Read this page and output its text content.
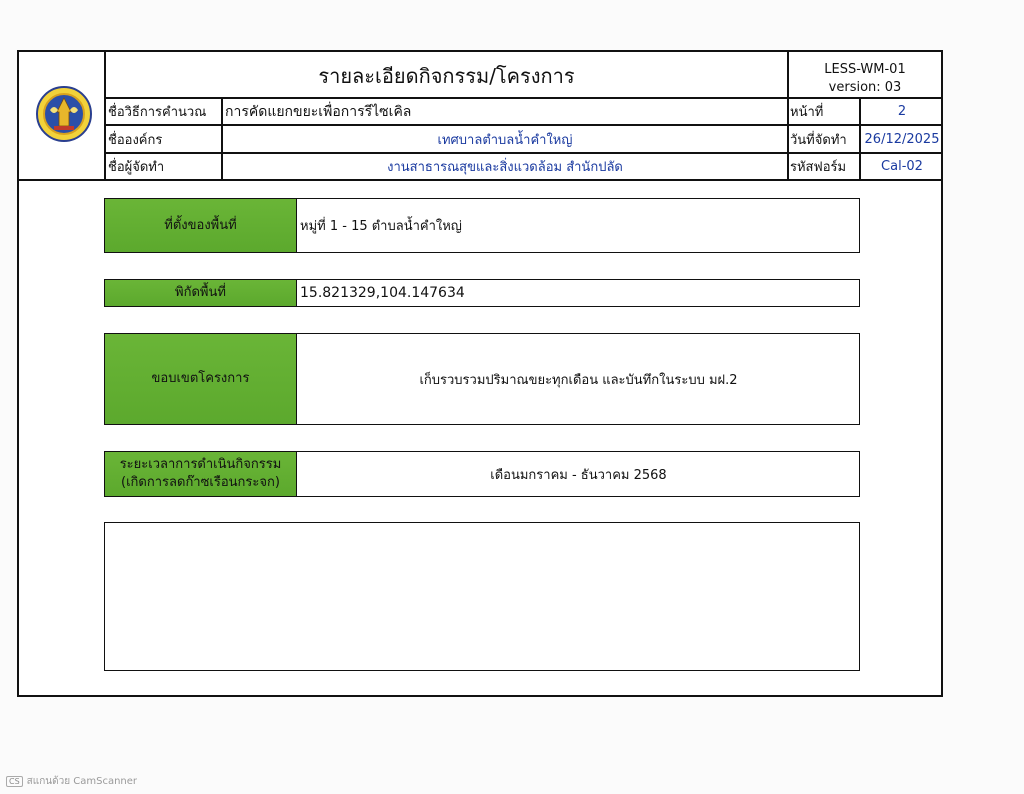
รายละเอียดกิจกรรม/โครงการ	LESS-WM-01
version: 03
ชื่อวิธีการคำนวณ	การคัดแยกขยะเพื่อการรีไซเคิล	หน้าที่	2
ชื่อองค์กร	เทศบาลตำบลน้ำคำใหญ่	วันที่จัดทำ	26/12/2025
ชื่อผู้จัดทำ	งานสาธารณสุขและสิ่งแวดล้อม สำนักปลัด	รหัสฟอร์ม	Cal-02
ที่ตั้งของพื้นที่	หมู่ที่ 1 - 15 ตำบลน้ำคำใหญ่
พิกัดพื้นที่	15.821329,104.147634
ขอบเขตโครงการ	เก็บรวบรวมปริมาณขยะทุกเดือน และบันทึกในระบบ มฝ.2
ระยะเวลาการดำเนินกิจกรรม
(เกิดการลดก๊าซเรือนกระจก)	เดือนมกราคม - ธันวาคม 2568
CS สแกนด้วย CamScanner
